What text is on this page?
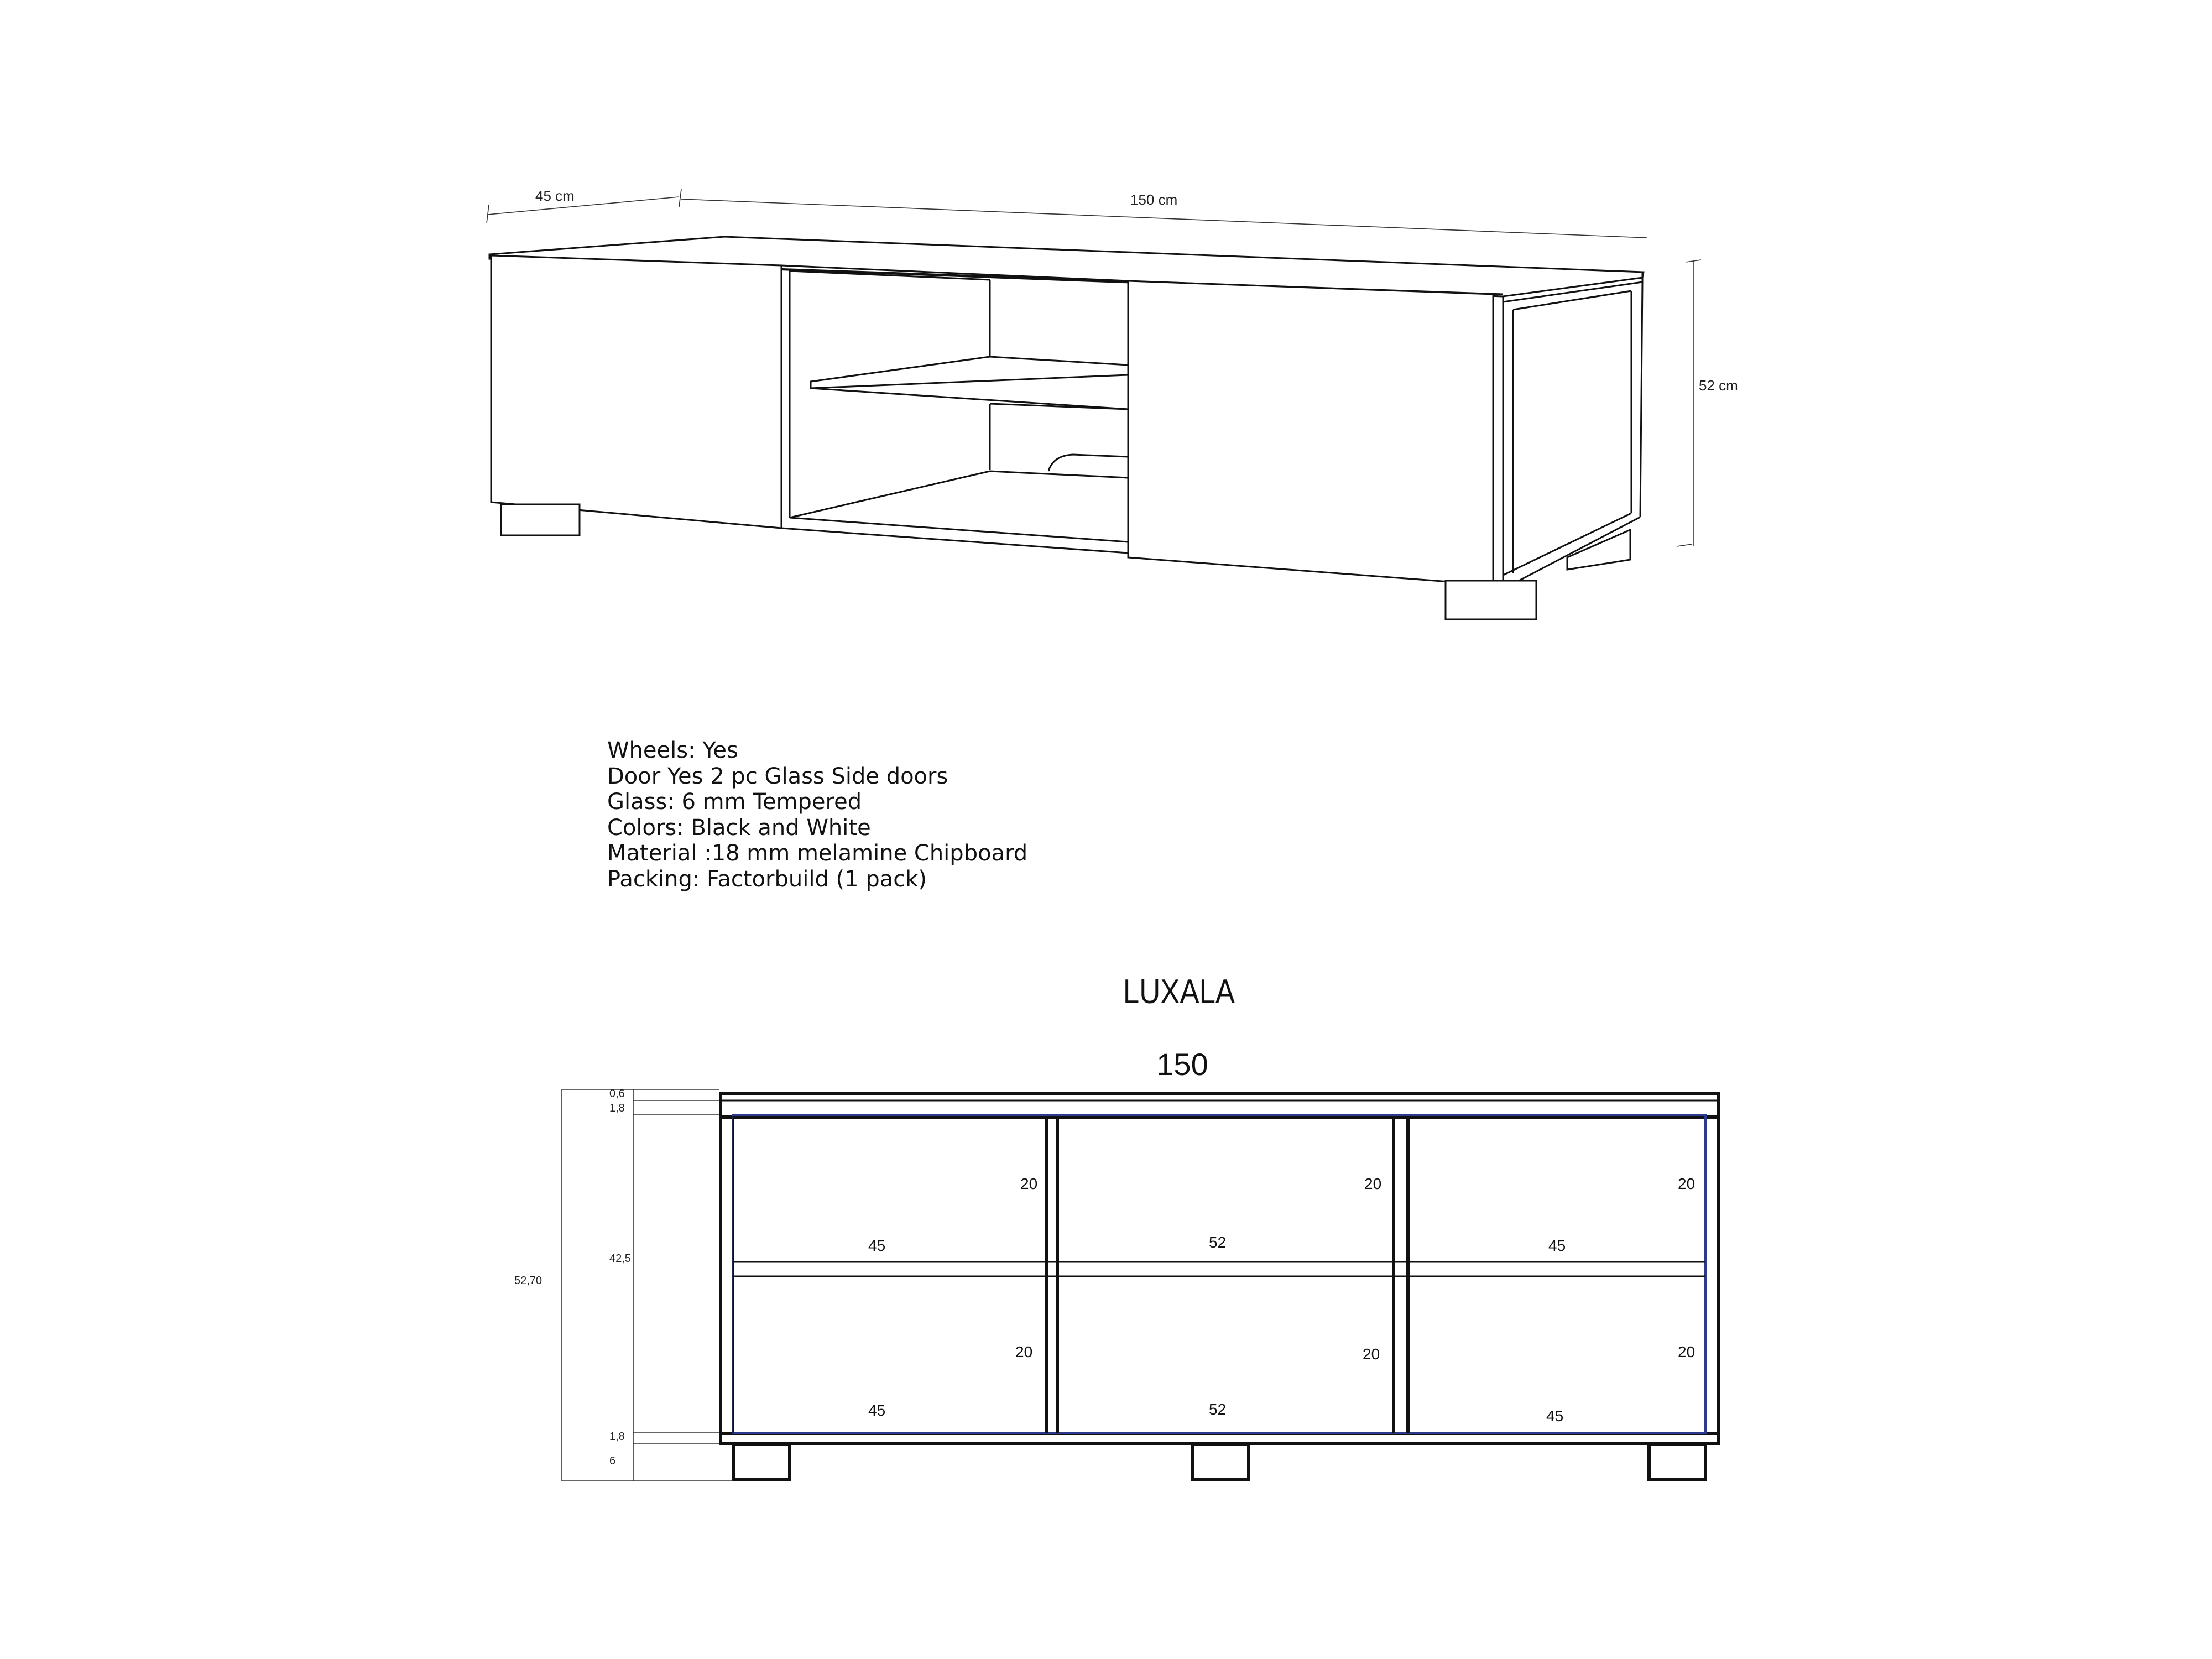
45 cm	150 cm
52 cm
52,70
0,6
1,8
42,5
1,8
6
20	20	20
45	52	45
20	20	20
45	52	45
Wheels: Yes
Door Yes 2 pc Glass Side doors
Glass: 6 mm Tempered
Colors: Black and White
Material :18 mm melamine Chipboard
Packing: Factorbuild (1 pack)
LUXALA
150
